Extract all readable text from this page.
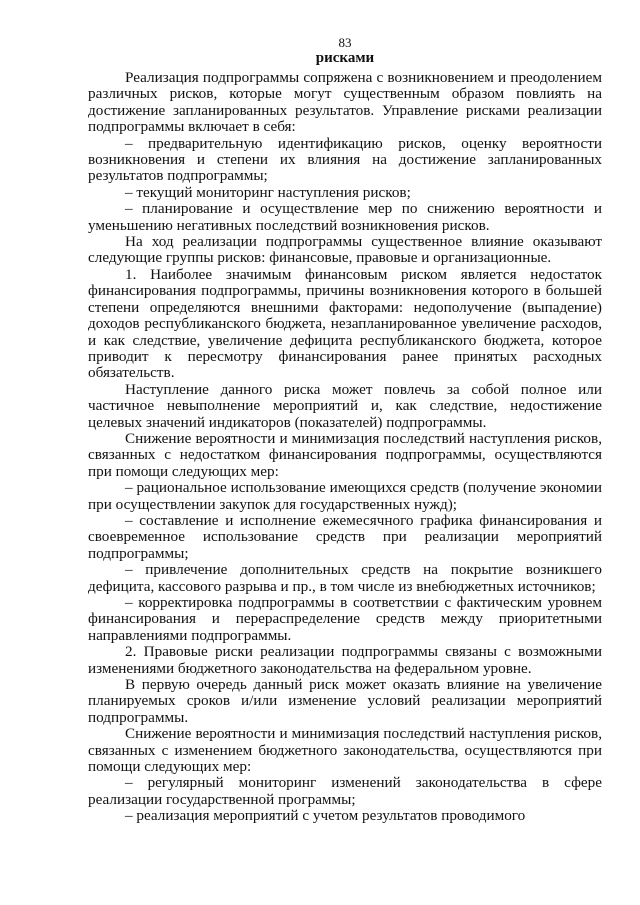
83

рисками

Реализация подпрограммы сопряжена с возникновением и преодолением различных рисков, которые могут существенным образом повлиять на достижение запланированных результатов. Управление рисками реализации подпрограммы включает в себя:

– предварительную идентификацию рисков, оценку вероятности возникновения и степени их влияния на достижение запланированных результатов подпрограммы;

– текущий мониторинг наступления рисков;

– планирование и осуществление мер по снижению вероятности и уменьшению негативных последствий возникновения рисков.

На ход реализации подпрограммы существенное влияние оказывают следующие группы рисков: финансовые, правовые и организационные.

1. Наиболее значимым финансовым риском является недостаток финансирования подпрограммы, причины возникновения которого в большей степени определяются внешними факторами: недополучение (выпадение) доходов республиканского бюджета, незапланированное увеличение расходов, и как следствие, увеличение дефицита республиканского бюджета, которое приводит к пересмотру финансирования ранее принятых расходных обязательств.

Наступление данного риска может повлечь за собой полное или частичное невыполнение мероприятий и, как следствие, недостижение целевых значений индикаторов (показателей) подпрограммы.

Снижение вероятности и минимизация последствий наступления рисков, связанных с недостатком финансирования подпрограммы, осуществляются при помощи следующих мер:

– рациональное использование имеющихся средств (получение экономии при осуществлении закупок для государственных нужд);

– составление и исполнение ежемесячного графика финансирования и своевременное использование средств при реализации мероприятий подпрограммы;

– привлечение дополнительных средств на покрытие возникшего дефицита, кассового разрыва и пр., в том числе из внебюджетных источников;

– корректировка подпрограммы в соответствии с фактическим уровнем финансирования и перераспределение средств между приоритетными направлениями подпрограммы.

2. Правовые риски реализации подпрограммы связаны с возможными изменениями бюджетного законодательства на федеральном уровне.

В первую очередь данный риск может оказать влияние на увеличение планируемых сроков и/или изменение условий реализации мероприятий подпрограммы.

Снижение вероятности и минимизация последствий наступления рисков, связанных с изменением бюджетного законодательства, осуществляются при помощи следующих мер:

– регулярный мониторинг изменений законодательства в сфере реализации государственной программы;

– реализация мероприятий с учетом результатов проводимого
